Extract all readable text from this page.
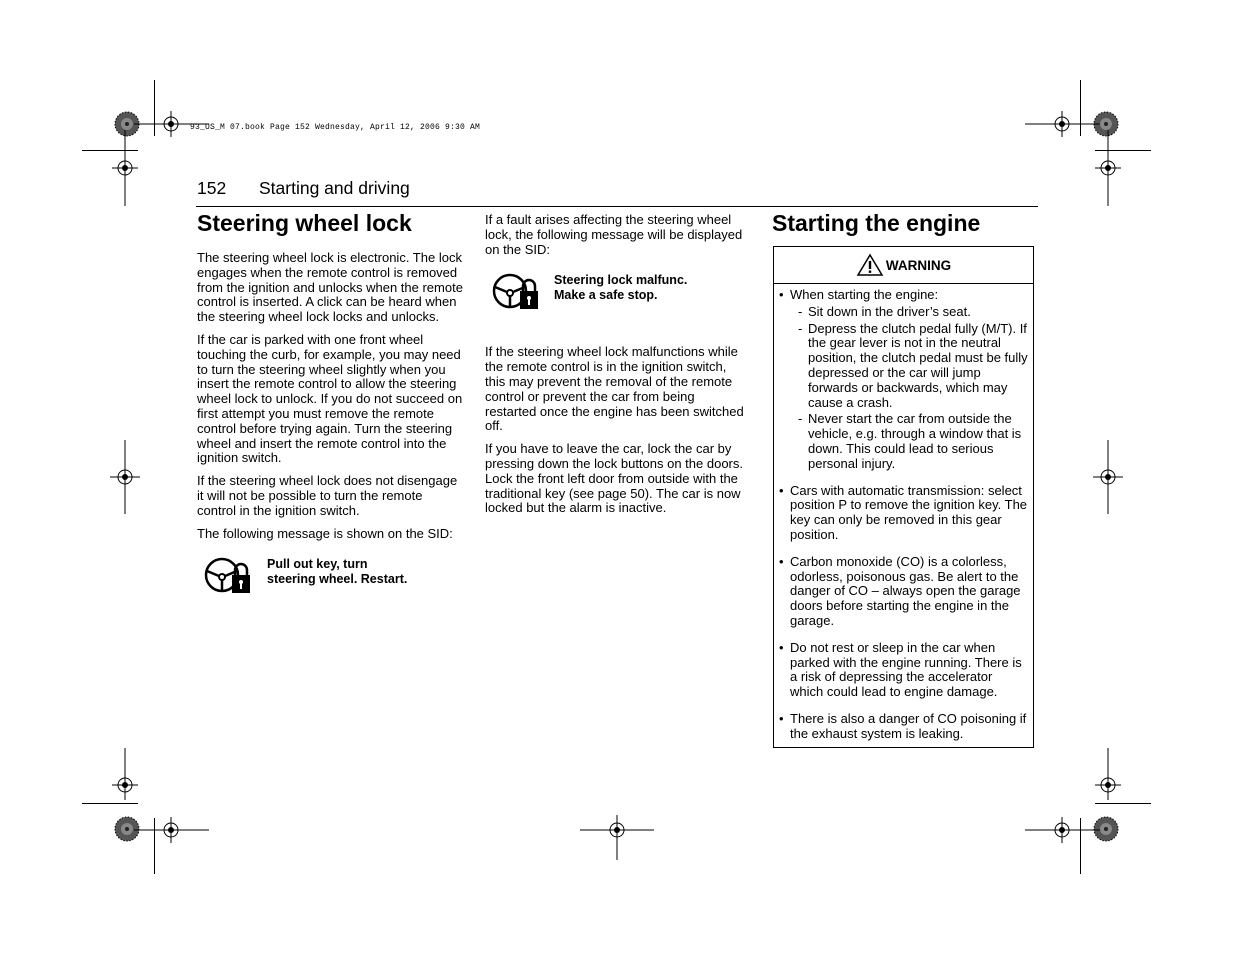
93_US_M 07.book Page 152 Wednesday, April 12, 2006 9:30 AM
152 Starting and driving
Steering wheel lock

The steering wheel lock is electronic. The lock engages when the remote control is removed from the ignition and unlocks when the remote control is inserted. A click can be heard when the steering wheel lock locks and unlocks.

If the car is parked with one front wheel touching the curb, for example, you may need to turn the steering wheel slightly when you insert the remote control to allow the steering wheel lock to unlock. If you do not succeed on first attempt you must remove the remote control before trying again. Turn the steering wheel and insert the remote control into the ignition switch.

If the steering wheel lock does not disengage it will not be possible to turn the remote control in the ignition switch.

The following message is shown on the SID:

Pull out key, turn
steering wheel. Restart.

If a fault arises affecting the steering wheel lock, the following message will be displayed on the SID:

Steering lock malfunc.
Make a safe stop.

If the steering wheel lock malfunctions while the remote control is in the ignition switch, this may prevent the removal of the remote control or prevent the car from being restarted once the engine has been switched off.

If you have to leave the car, lock the car by pressing down the lock buttons on the doors. Lock the front left door from outside with the traditional key (see page 50). The car is now locked but the alarm is inactive.

Starting the engine
WARNING
• When starting the engine:
- Sit down in the driver’s seat.
- Depress the clutch pedal fully (M/T). If the gear lever is not in the neutral position, the clutch pedal must be fully depressed or the car will jump forwards or backwards, which may cause a crash.
- Never start the car from outside the vehicle, e.g. through a window that is down. This could lead to serious personal injury.
• Cars with automatic transmission: select position P to remove the ignition key. The key can only be removed in this gear position.
• Carbon monoxide (CO) is a colorless, odorless, poisonous gas. Be alert to the danger of CO – always open the garage doors before starting the engine in the garage.
• Do not rest or sleep in the car when parked with the engine running. There is a risk of depressing the accelerator which could lead to engine damage.
• There is also a danger of CO poisoning if the exhaust system is leaking.
